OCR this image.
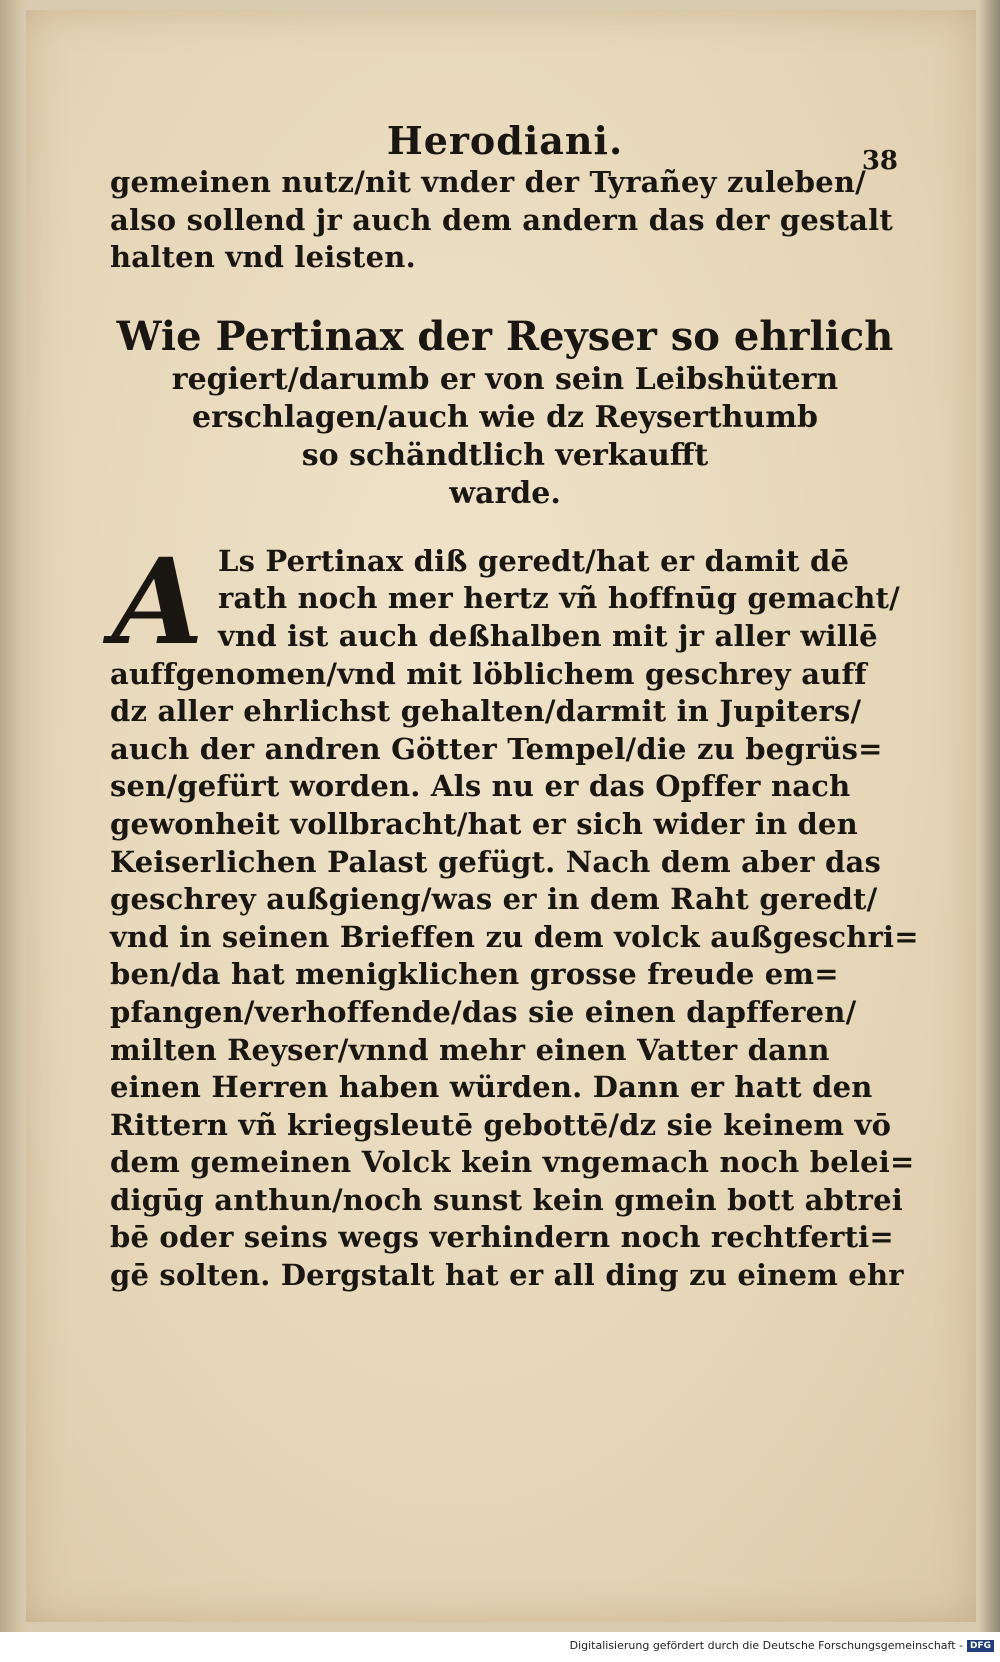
38
Herodiani.
gemeinen nutz/nit vnder der Tyrañey zuleben/
also sollend jr auch dem andern das der gestalt
halten vnd leisten.
Wie Pertinax der Reyser so ehrlich
regiert/darumb er von sein Leibshütern
erschlagen/auch wie dz Reyserthumb
so schändtlich verkaufft
warde.
A Ls Pertinax diß geredt/hat er damit dē
rath noch mer hertz vñ hoffnūg gemacht/
vnd ist auch deßhalben mit jr aller willē
auffgenomen/vnd mit löblichem geschrey auff
dz aller ehrlichst gehalten/darmit in Jupiters/
auch der andren Götter Tempel/die zu begrüs=
sen/gefürt worden. Als nu er das Opffer nach
gewonheit vollbracht/hat er sich wider in den
Keiserlichen Palast gefügt. Nach dem aber das
geschrey außgieng/was er in dem Raht geredt/
vnd in seinen Brieffen zu dem volck außgeschri=
ben/da hat menigklichen grosse freude em=
pfangen/verhoffende/das sie einen dapfferen/
milten Reyser/vnnd mehr einen Vatter dann
einen Herren haben würden. Dann er hatt den
Rittern vñ kriegsleutē gebottē/dz sie keinem vō
dem gemeinen Volck kein vngemach noch belei=
digūg anthun/noch sunst kein gmein bott abtrei
bē oder seins wegs verhindern noch rechtferti=
gē solten. Dergstalt hat er all ding zu einem ehr
Digitalisierung gefördert durch die Deutsche Forschungsgemeinschaft - DFG
